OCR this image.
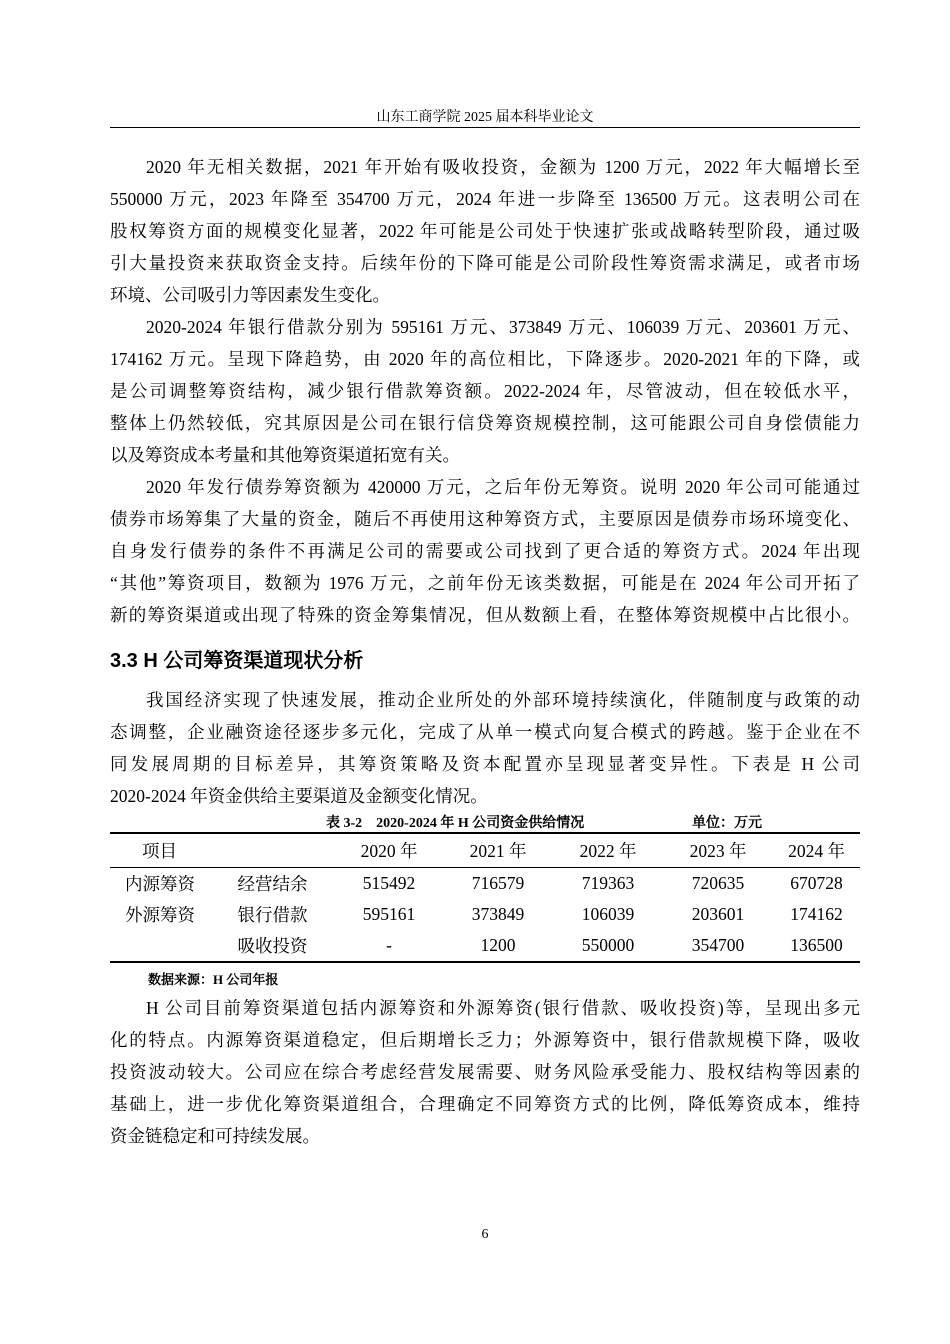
山东工商学院 2025 届本科毕业论文
2020 年无相关数据，2021 年开始有吸收投资，金额为 1200 万元，2022 年大幅增长至
550000 万元，2023 年降至 354700 万元，2024 年进一步降至 136500 万元。这表明公司在
股权筹资方面的规模变化显著，2022 年可能是公司处于快速扩张或战略转型阶段，通过吸
引大量投资来获取资金支持。后续年份的下降可能是公司阶段性筹资需求满足，或者市场
环境、公司吸引力等因素发生变化。
2020-2024 年银行借款分别为 595161 万元、373849 万元、106039 万元、203601 万元、
174162 万元。呈现下降趋势，由 2020 年的高位相比，下降逐步。2020-2021 年的下降，或
是公司调整筹资结构，减少银行借款筹资额。2022-2024 年，尽管波动，但在较低水平，
整体上仍然较低，究其原因是公司在银行信贷筹资规模控制，这可能跟公司自身偿债能力
以及筹资成本考量和其他筹资渠道拓宽有关。
2020 年发行债券筹资额为 420000 万元，之后年份无筹资。说明 2020 年公司可能通过
债券市场筹集了大量的资金，随后不再使用这种筹资方式，主要原因是债券市场环境变化、
自身发行债券的条件不再满足公司的需要或公司找到了更合适的筹资方式。2024 年出现
“其他”筹资项目，数额为 1976 万元，之前年份无该类数据，可能是在 2024 年公司开拓了
新的筹资渠道或出现了特殊的资金筹集情况，但从数额上看，在整体筹资规模中占比很小。
3.3 H 公司筹资渠道现状分析
我国经济实现了快速发展，推动企业所处的外部环境持续演化，伴随制度与政策的动
态调整，企业融资途径逐步多元化，完成了从单一模式向复合模式的跨越。鉴于企业在不
同发展周期的目标差异，其筹资策略及资本配置亦呈现显著变异性。下表是 H 公司
2020-2024 年资金供给主要渠道及金额变化情况。
表 3-2　2020-2024 年 H 公司资金供给情况	单位：万元
项目		2020 年	2021 年	2022 年	2023 年	2024 年
内源筹资	经营结余	515492	716579	719363	720635	670728
外源筹资	银行借款	595161	373849	106039	203601	174162
	吸收投资	-	1200	550000	354700	136500
数据来源：H 公司年报
H 公司目前筹资渠道包括内源筹资和外源筹资(银行借款、吸收投资)等，呈现出多元
化的特点。内源筹资渠道稳定，但后期增长乏力；外源筹资中，银行借款规模下降，吸收
投资波动较大。公司应在综合考虑经营发展需要、财务风险承受能力、股权结构等因素的
基础上，进一步优化筹资渠道组合，合理确定不同筹资方式的比例，降低筹资成本，维持
资金链稳定和可持续发展。
6
